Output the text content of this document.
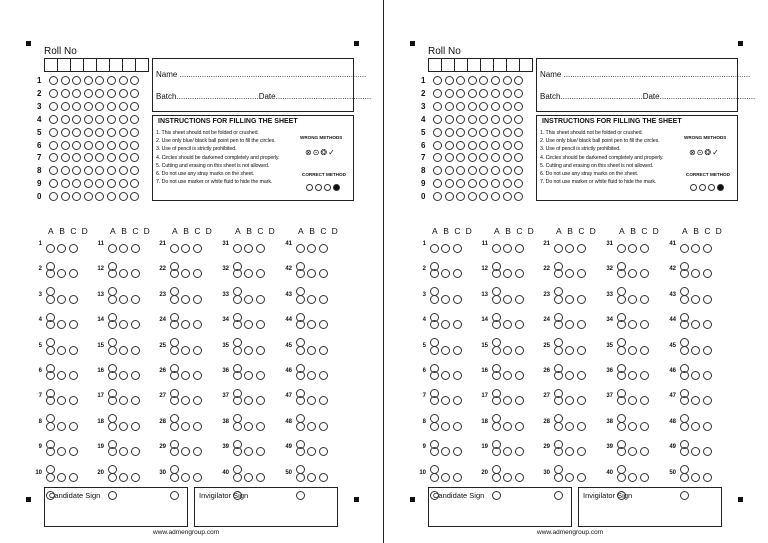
Roll No
1
2
3
4
5
6
7
8
9
0
Name ....................................................................................
Batch.....................................Date...........................................
INSTRUCTIONS FOR FILLING THE SHEET
1. This sheet should not be folded or crushed.
2. Use only blue/ black ball point pen to fill the circles.
3. Use of pencil is strictly prohibited.
4. Circles should be darkened completely and properly.
5. Cutting and erasing on this sheet is not allowed.
6. Do not use any stray marks on the sheet.
7. Do not use marker or white fluid to hide the mark.
WRONG METHODS
⊗⊙❂✓
CORRECT METHOD
A B C D	A B C D	A B C D	A B C D	A B C D
1
2
3
4
5
6
7
8
9
10
11
12
13
14
15
16
17
18
19
20
21
22
23
24
25
26
27
28
29
30
31
32
33
34
35
36
37
38
39
40
41
42
43
44
45
46
47
48
49
50
Candidate Sign	Invigilator Sign
www.admengroup.com
Roll No
1
2
3
4
5
6
7
8
9
0
Name ....................................................................................
Batch.....................................Date...........................................
INSTRUCTIONS FOR FILLING THE SHEET
1. This sheet should not be folded or crushed.
2. Use only blue/ black ball point pen to fill the circles.
3. Use of pencil is strictly prohibited.
4. Circles should be darkened completely and properly.
5. Cutting and erasing on this sheet is not allowed.
6. Do not use any stray marks on the sheet.
7. Do not use marker or white fluid to hide the mark.
WRONG METHODS
⊗⊙❂✓
CORRECT METHOD
A B C D	A B C D	A B C D	A B C D	A B C D
1
2
3
4
5
6
7
8
9
10
11
12
13
14
15
16
17
18
19
20
21
22
23
24
25
26
27
28
29
30
31
32
33
34
35
36
37
38
39
40
41
42
43
44
45
46
47
48
49
50
Candidate Sign	Invigilator Sign
www.admengroup.com
